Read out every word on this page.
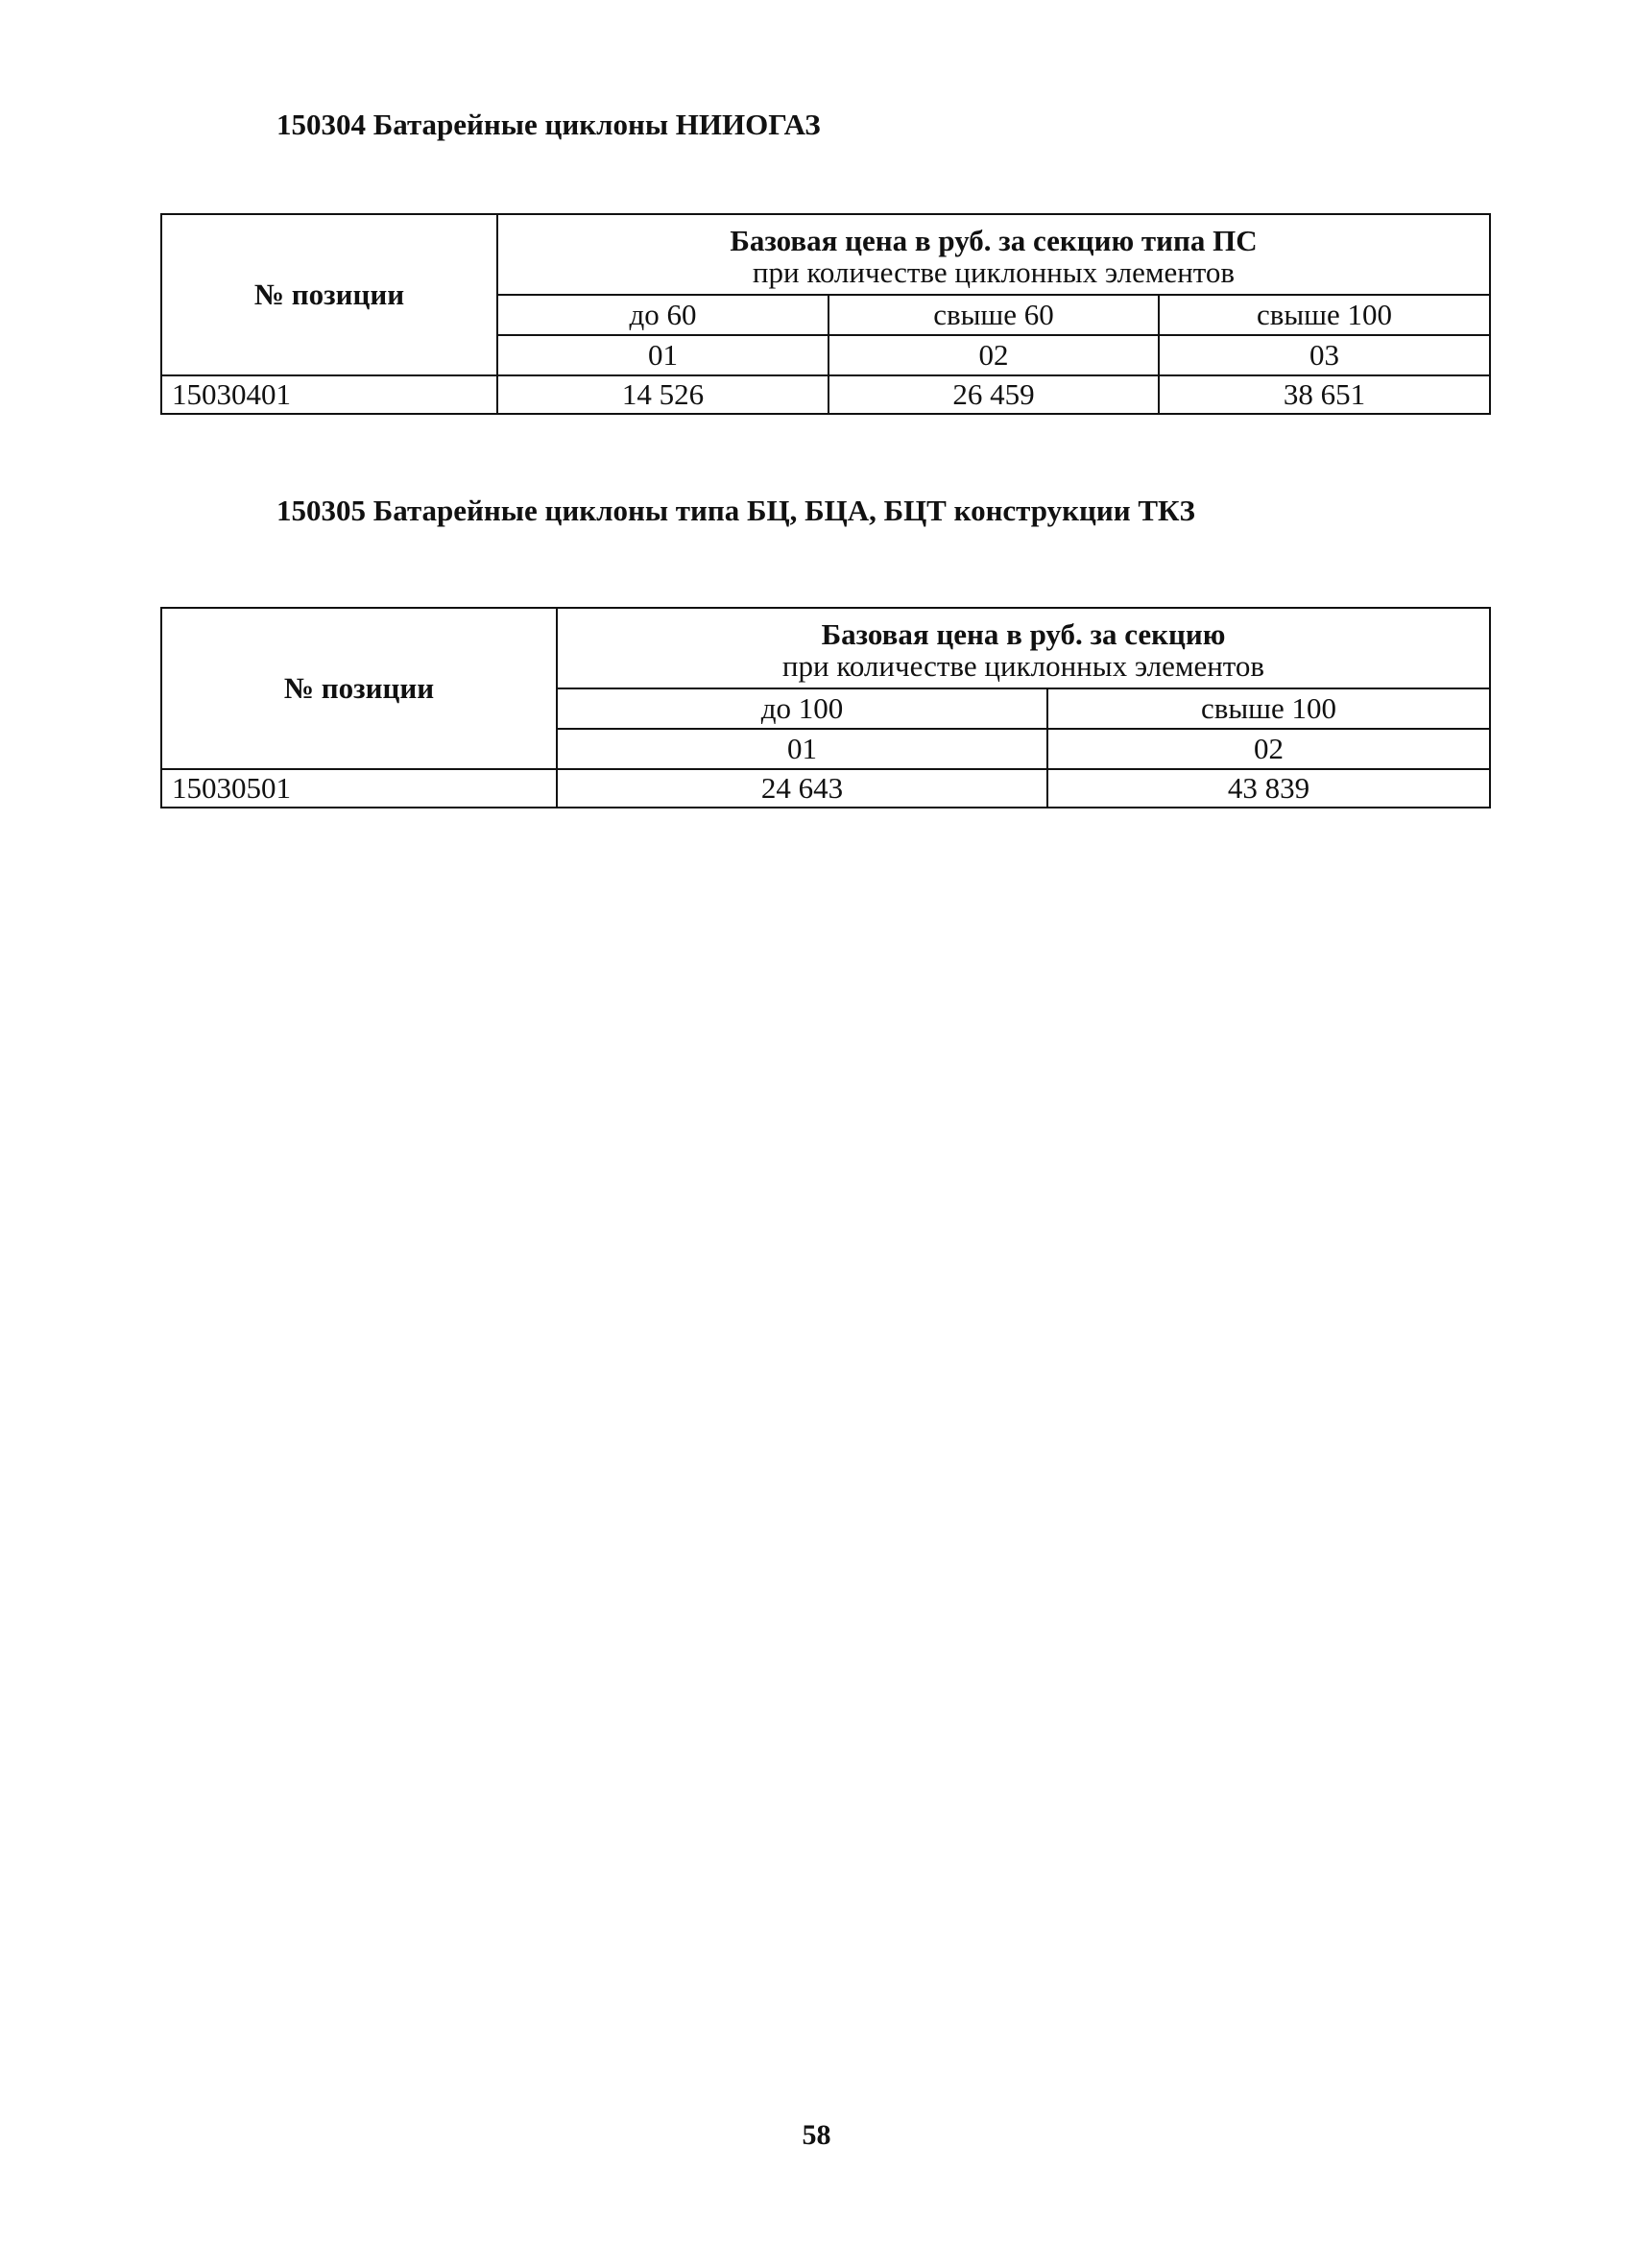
150304 Батарейные циклоны НИИОГАЗ
№ позиции	Базовая цена в руб. за секцию типа ПС
при количестве циклонных элементов		

	до 60	свыше 60	свыше 100
	01	02	03
15030401	14 526	26 459	38 651
150305 Батарейные циклоны типа БЦ, БЦА, БЦТ конструкции ТКЗ
№ позиции	Базовая цена в руб. за секцию
при количестве циклонных элементов	

	до 100	свыше 100
	01	02
15030501	24 643	43 839
58
